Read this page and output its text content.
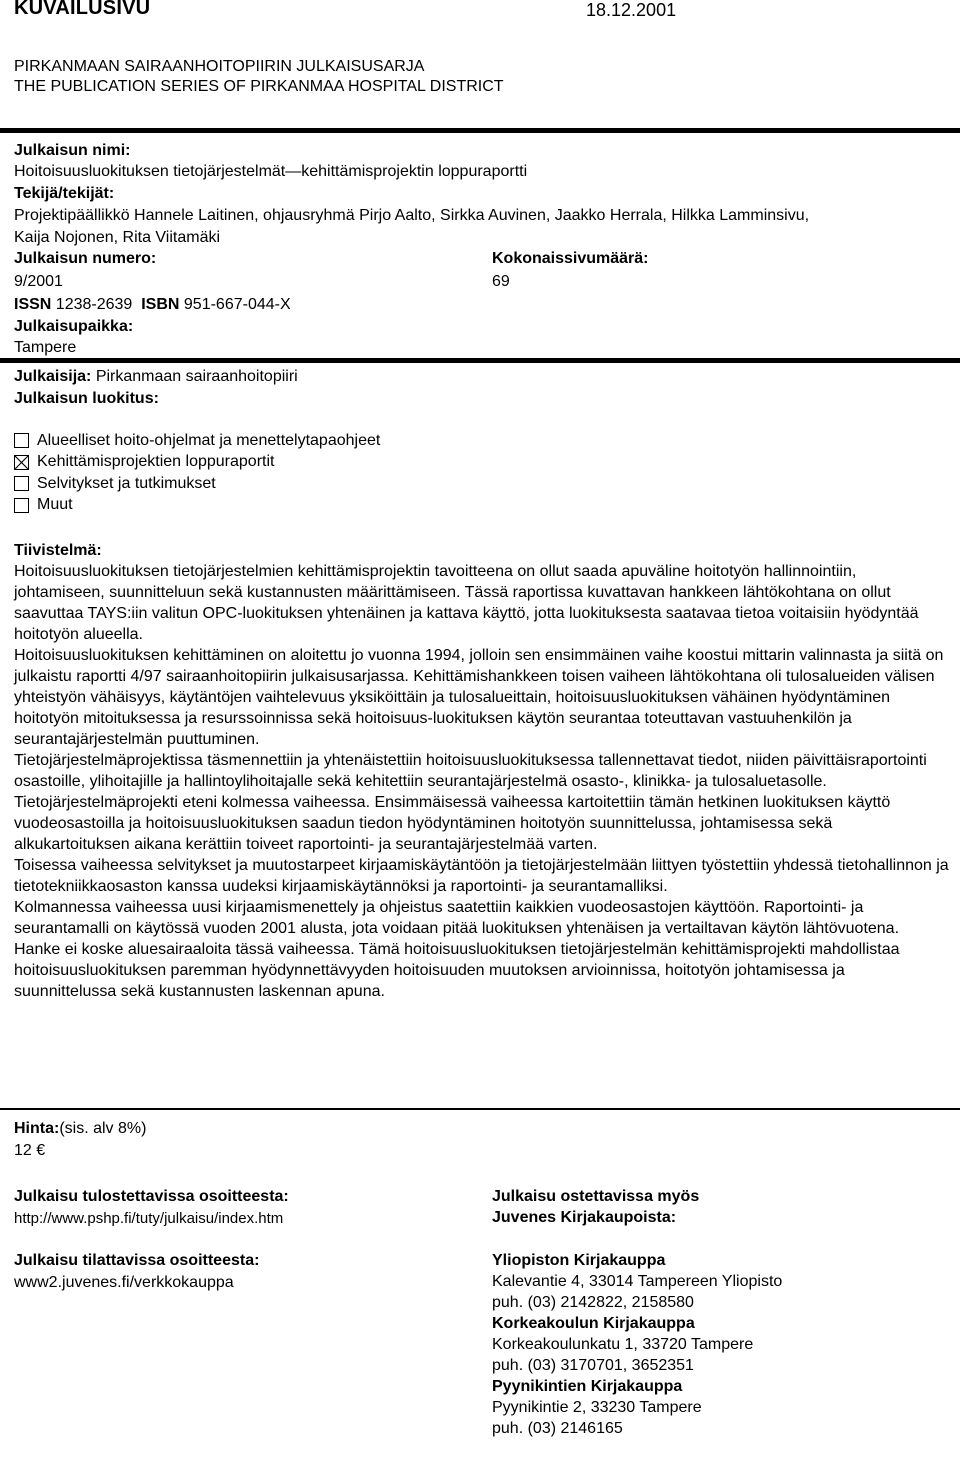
KUVAILUSIVU	18.12.2001
PIRKANMAAN SAIRAANHOITOPIIRIN JULKAISUSARJA
THE PUBLICATION SERIES OF PIRKANMAA HOSPITAL DISTRICT
Julkaisun nimi:
Hoitoisuusluokituksen tietojärjestelmät—kehittämisprojektin loppuraportti
Tekijä/tekijät:
Projektipäällikkö Hannele Laitinen, ohjausryhmä Pirjo Aalto, Sirkka Auvinen, Jaakko Herrala, Hilkka Lamminsivu,
Kaija Nojonen, Rita Viitamäki
Julkaisun numero:
9/2001
Kokonaissivumäärä:
69
ISSN 1238-2639 ISBN 951-667-044-X
Julkaisupaikka:
Tampere
Julkaisija: Pirkanmaan sairaanhoitopiiri
Julkaisun luokitus:
Alueelliset hoito-ohjelmat ja menettelytapaohjeet
Kehittämisprojektien loppuraportit
Selvitykset ja tutkimukset
Muut

Tiivistelmä:

Hoitoisuusluokituksen tietojärjestelmien kehittämisprojektin tavoitteena on ollut saada apuväline hoitotyön hallinnointiin, johtamiseen, suunnitteluun sekä kustannusten määrittämiseen. Tässä raportissa kuvattavan hankkeen lähtökohtana on ollut saavuttaa TAYS:iin valitun OPC-luokituksen yhtenäinen ja kattava käyttö, jotta luokituksesta saatavaa tietoa voitaisiin hyödyntää hoitotyön alueella.

Hoitoisuusluokituksen kehittäminen on aloitettu jo vuonna 1994, jolloin sen ensimmäinen vaihe koostui mittarin valinnasta ja siitä on julkaistu raportti 4/97 sairaanhoitopiirin julkaisusarjassa. Kehittämishankkeen toisen vaiheen lähtökohtana oli tulosalueiden välisen yhteistyön vähäisyys, käytäntöjen vaihtelevuus yksiköittäin ja tulosalueittain, hoitoisuusluokituksen vähäinen hyödyntäminen hoitotyön mitoituksessa ja resurssoinnissa sekä hoitoisuus-luokituksen käytön seurantaa toteuttavan vastuuhenkilön ja seurantajärjestelmän puuttuminen.

Tietojärjestelmäprojektissa täsmennettiin ja yhtenäistettiin hoitoisuusluokituksessa tallennettavat tiedot, niiden päivittäisraportointi osastoille, ylihoitajille ja hallintoylihoitajalle sekä kehitettiin seurantajärjestelmä osasto-, klinikka- ja tulosaluetasolle.

Tietojärjestelmäprojekti eteni kolmessa vaiheessa. Ensimmäisessä vaiheessa kartoitettiin tämän hetkinen luokituksen käyttö vuodeosastoilla ja hoitoisuusluokituksen saadun tiedon hyödyntäminen hoitotyön suunnittelussa, johtamisessa sekä alkukartoituksen aikana kerättiin toiveet raportointi- ja seurantajärjestelmää varten.

Toisessa vaiheessa selvitykset ja muutostarpeet kirjaamiskäytäntöön ja tietojärjestelmään liittyen työstettiin yhdessä tietohallinnon ja tietotekniikkaosaston kanssa uudeksi kirjaamiskäytännöksi ja raportointi- ja seurantamalliksi.

Kolmannessa vaiheessa uusi kirjaamismenettely ja ohjeistus saatettiin kaikkien vuodeosastojen käyttöön. Raportointi- ja seurantamalli on käytössä vuoden 2001 alusta, jota voidaan pitää luokituksen yhtenäisen ja vertailtavan käytön lähtövuotena. Hanke ei koske aluesairaaloita tässä vaiheessa. Tämä hoitoisuusluokituksen tietojärjestelmän kehittämisprojekti mahdollistaa hoitoisuusluokituksen paremman hyödynnettävyyden hoitoisuuden muutoksen arvioinnissa, hoitotyön johtamisessa ja suunnittelussa sekä kustannusten laskennan apuna.

Hinta:(sis. alv 8%)
12 €
Julkaisu tulostettavissa osoitteesta:
http://www.pshp.fi/tuty/julkaisu/index.htm
Julkaisu tilattavissa osoitteesta:
www2.juvenes.fi/verkkokauppa
Julkaisu ostettavissa myös
Juvenes Kirjakaupoista:
Yliopiston Kirjakauppa
Kalevantie 4, 33014 Tampereen Yliopisto
puh. (03) 2142822, 2158580
Korkeakoulun Kirjakauppa
Korkeakoulunkatu 1, 33720 Tampere
puh. (03) 3170701, 3652351
Pyynikintien Kirjakauppa
Pyynikintie 2, 33230 Tampere
puh. (03) 2146165
